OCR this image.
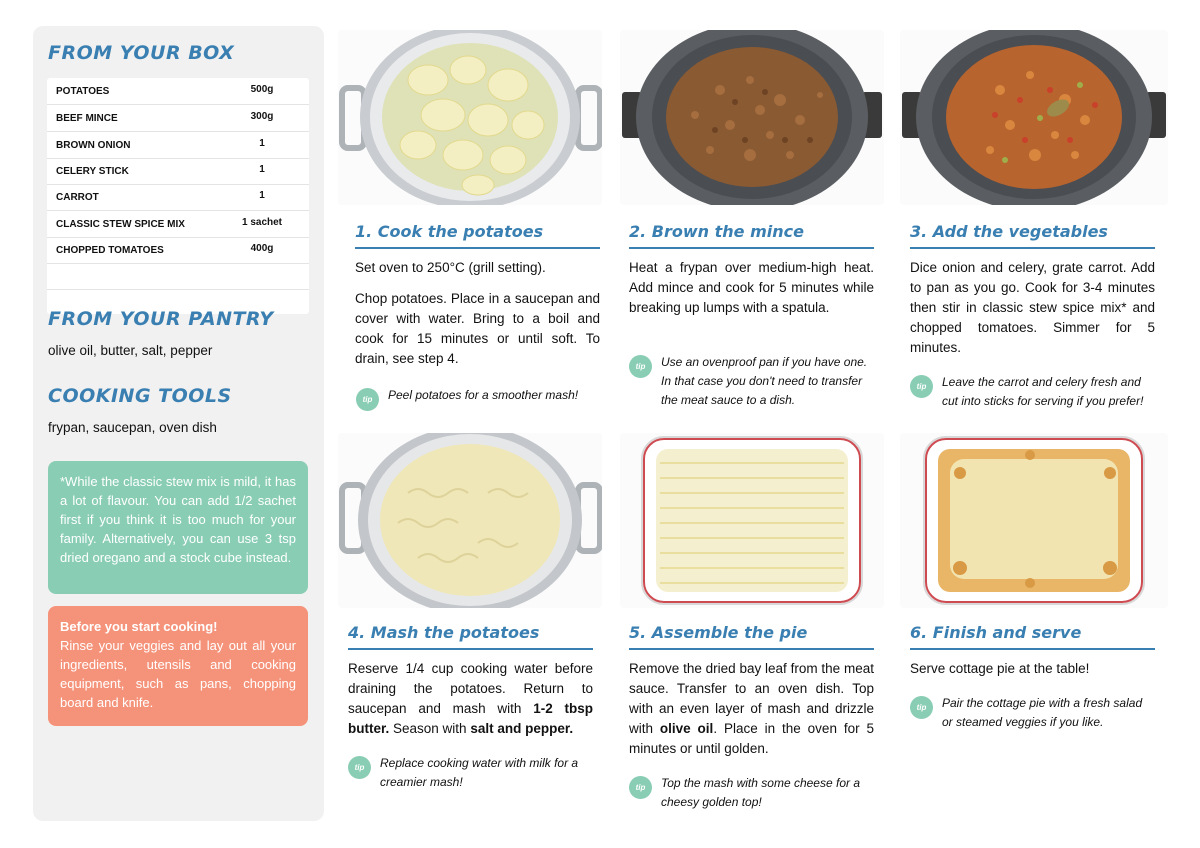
FROM YOUR BOX
POTATOES	500g
BEEF MINCE	300g
BROWN ONION	1
CELERY STICK	1
CARROT	1
CLASSIC STEW SPICE MIX	1 sachet
CHOPPED TOMATOES	400g
FROM YOUR PANTRY
olive oil, butter, salt, pepper
COOKING TOOLS
frypan, saucepan, oven dish
*While the classic stew mix is mild, it has a lot of flavour. You can add 1/2 sachet first if you think it is too much for your family. Alternatively, you can use 3 tsp dried oregano and a stock cube instead.
Before you start cooking!
Rinse your veggies and lay out all your ingredients, utensils and cooking equipment, such as pans, chopping board and knife.
1. Cook the potatoes

Set oven to 250°C (grill setting).

Chop potatoes. Place in a saucepan and cover with water. Bring to a boil and cook for 15 minutes or until soft. To drain, see step 4.

tip	Peel potatoes for a smoother mash!
2. Brown the mince

Heat a frypan over medium-high heat. Add mince and cook for 5 minutes while breaking up lumps with a spatula.

tip	Use an ovenproof pan if you have one. In that case you don't need to transfer the meat sauce to a dish.
3. Add the vegetables

Dice onion and celery, grate carrot. Add to pan as you go. Cook for 3-4 minutes then stir in classic stew spice mix* and chopped tomatoes. Simmer for 5 minutes.

tip	Leave the carrot and celery fresh and cut into sticks for serving if you prefer!
4. Mash the potatoes

Reserve 1/4 cup cooking water before draining the potatoes. Return to saucepan and mash with 1-2 tbsp butter. Season with salt and pepper.

tip	Replace cooking water with milk for a creamier mash!
5. Assemble the pie

Remove the dried bay leaf from the meat sauce. Transfer to an oven dish. Top with an even layer of mash and drizzle with olive oil. Place in the oven for 5 minutes or until golden.

tip	Top the mash with some cheese for a cheesy golden top!
6. Finish and serve

Serve cottage pie at the table!

tip	Pair the cottage pie with a fresh salad or steamed veggies if you like.
